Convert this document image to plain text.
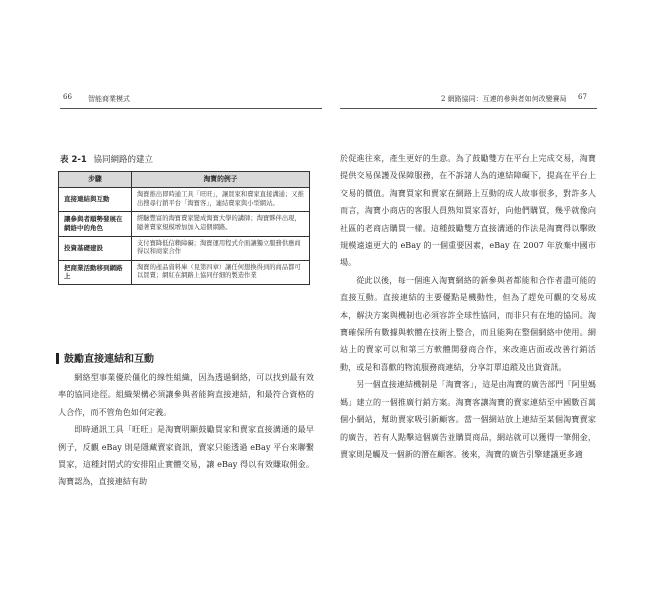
66 智能商業模式	2 網路協同：互連的參與者如何改變賽局 67
表 2-1 協同網路的建立
步驟	淘寶的例子
直接連結與互動	淘寶推出即時通工具「旺旺」，讓買家和賣家直接溝通；又推出搜尋行銷平台「淘寶客」，連結賣家與小型網站。
讓參與者順勢發展在網絡中的角色	經驗豐富的淘寶賣家變成淘寶大學的講師；淘寶夥伴出現，隨著賣家規模增加加入這個網路。
投資基礎建設	支付寶降低信賴障礙；淘寶運用程式介面讓獨立服務供應商得以和商家合作
把商業活動移到網路上	淘寶的產品資料庫（見第四章）讓任何想換得到的商品都可以買賣；網紅在網路上協同仔細的製造作業
鼓勵直接連結和互動

網絡型事業優於僵化的線性組織，因為透過網絡，可以找到最有效率的協同途徑。組織架構必須讓參與者能夠直接連結，和最符合資格的人合作，而不管角色如何定義。

即時通訊工具「旺旺」是淘寶明顯鼓勵買家和賣家直接溝通的最早例子，反觀 eBay 則是隱藏賣家資訊，賣家只能透過 eBay 平台來聯繫買家，這種封閉式的安排阻止實體交易，讓 eBay 得以有效賺取佣金。淘寶認為，直接連結有助

於促進往來，產生更好的生意。為了鼓勵雙方在平台上完成交易，淘寶提供交易保護及保障服務，在不訴諸人為的連結障礙下，提高在平台上交易的價值。淘寶買家和賣家在網路上互動的成人故事很多，對許多人而言，淘寶小商店的客服人員熟知買家喜好，向他們購買，幾乎就像向社區的老商店購買一樣。這種鼓勵雙方直接溝通的作法是淘寶得以擊敗規模遠遠更大的 eBay 的一個重要因素，eBay 在 2007 年放棄中國市場。

從此以後，每一個進入淘寶網絡的新參與者都能和合作者盡可能的直接互動。直接連結的主要優點是機動性，但為了趕免可觀的交易成本，解決方案與機制也必須容許全球性協同，而非只有在地的協同。淘寶確保所有數據與軟體在技術上整合，而且能夠在整個網絡中使用。網站上的賣家可以和第三方軟體開發商合作，來改進店面或改善行銷活動，或是和喜歡的物流服務商連結，分享訂單追蹤及出貨資訊。

另一個直接連結機制是「淘寶客」，這是由淘寶的廣告部門「阿里媽媽」建立的一個推廣行銷方案。淘寶客讓淘寶的賣家連結至中國數百萬個小網站，幫助賣家吸引新顧客。當一個網站放上連結至某個淘寶賣家的廣告，若有人點擊這個廣告並購買商品，網站就可以獲得一筆佣金，賣家則是觸及一個新的潛在顧客。後來，淘寶的廣告引擎建議更多適
